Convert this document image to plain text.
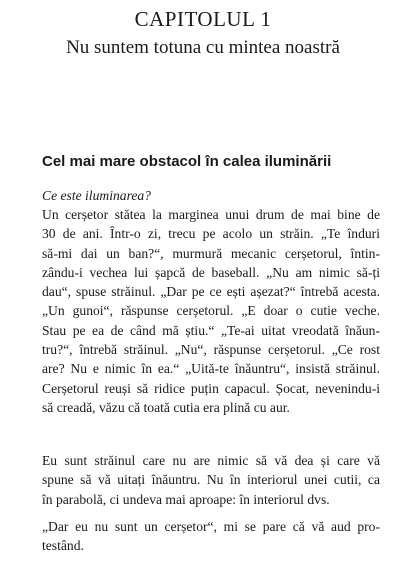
CAPITOLUL 1
Nu suntem totuna cu mintea noastră
Cel mai mare obstacol în calea iluminării
Ce este iluminarea?
Un cerșetor stătea la marginea unui drum de mai bine de
30 de ani. Într-o zi, trecu pe acolo un străin. „Te înduri
să-mi dai un ban?“, murmură mecanic cerșetorul, întin-
zându-i vechea lui șapcă de baseball. „Nu am nimic să-ți
dau“, spuse străinul. „Dar pe ce ești așezat?“ întrebă acesta.
„Un gunoi“, răspunse cerșetorul. „E doar o cutie veche.
Stau pe ea de când mă știu.“ „Te-ai uitat vreodată înăun-
tru?“, întrebă străinul. „Nu“, răspunse cerșetorul. „Ce rost
are? Nu e nimic în ea.“ „Uită-te înăuntru“, insistă străinul.
Cerșetorul reuși să ridice puțin capacul. Șocat, nevenindu-i
să creadă, văzu că toată cutia era plină cu aur.
Eu sunt străinul care nu are nimic să vă dea și care vă
spune să vă uitați înăuntru. Nu în interiorul unei cutii, ca
în parabolă, ci undeva mai aproape: în interiorul dvs.
„Dar eu nu sunt un cerșetor“, mi se pare că vă aud pro-
testând.
